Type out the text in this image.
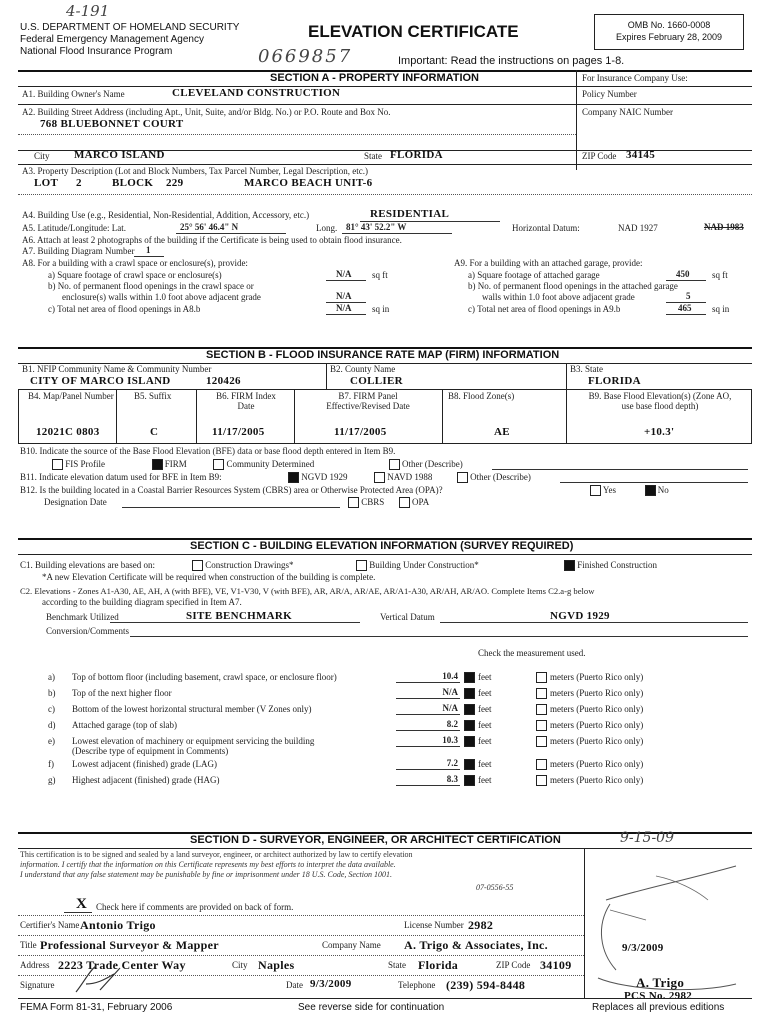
4-191
U.S. DEPARTMENT OF HOMELAND SECURITY
Federal Emergency Management Agency
National Flood Insurance Program
ELEVATION CERTIFICATE	OMB No. 1660-0008
Expires February 28, 2009
0669857	Important: Read the instructions on pages 1-8.
SECTION A - PROPERTY INFORMATION	For Insurance Company Use:
Policy Number
A1. Building Owner's Name	CLEVELAND CONSTRUCTION
A2. Building Street Address (including Apt., Unit, Suite, and/or Bldg. No.) or P.O. Route and Box No.	Company NAIC Number
768 BLUEBONNET COURT
City MARCO ISLAND	State FLORIDA	ZIP Code 34145
A3. Property Description (Lot and Block Numbers, Tax Parcel Number, Legal Description, etc.)
LOT 2	BLOCK 229	MARCO BEACH UNIT-6
A4. Building Use (e.g., Residential, Non-Residential, Addition, Accessory, etc.)	RESIDENTIAL
A5. Latitude/Longitude: Lat.	25° 56' 46.4" N	Long. 81° 43' 52.2" W	Horizontal Datum:	NAD 1927	NAD 1983
A6. Attach at least 2 photographs of the building if the Certificate is being used to obtain flood insurance.
A7. Building Diagram Number 1
A8. For a building with a crawl space or enclosure(s), provide:
a) Square footage of crawl space or enclosure(s)	N/A sq ft
b) No. of permanent flood openings in the crawl space or
enclosure(s) walls within 1.0 foot above adjacent grade	N/A
c) Total net area of flood openings in A8.b	N/A sq in
A9. For a building with an attached garage, provide:
a) Square footage of attached garage	450	sq ft
b) No. of permanent flood openings in the attached garage
walls within 1.0 foot above adjacent grade	5
c) Total net area of flood openings in A9.b	465 sq in
SECTION B - FLOOD INSURANCE RATE MAP (FIRM) INFORMATION
B1. NFIP Community Name & Community Number
CITY OF MARCO ISLAND	120426
B2. County Name
COLLIER
B3. State
FLORIDA
B4. Map/Panel Number
12021C 0803
B5. Suffix
C
B6. FIRM Index
Date
11/17/2005
B7. FIRM Panel
Effective/Revised Date
11/17/2005
B8. Flood Zone(s)
AE
B9. Base Flood Elevation(s) (Zone AO,
use base flood depth)
+10.3'
B10. Indicate the source of the Base Flood Elevation (BFE) data or base flood depth entered in Item B9.
FIS Profile	FIRM	Community Determined	Other (Describe)
B11. Indicate elevation datum used for BFE in Item B9:	NGVD 1929	NAVD 1988	Other (Describe)
B12. Is the building located in a Coastal Barrier Resources System (CBRS) area or Otherwise Protected Area (OPA)?	Yes	No
Designation Date	CBRS	OPA
SECTION C - BUILDING ELEVATION INFORMATION (SURVEY REQUIRED)
C1. Building elevations are based on:	Construction Drawings*	Building Under Construction*	Finished Construction
*A new Elevation Certificate will be required when construction of the building is complete.
C2. Elevations - Zones A1-A30, AE, AH, A (with BFE), VE, V1-V30, V (with BFE), AR, AR/A, AR/AE, AR/A1-A30, AR/AH, AR/AO. Complete Items C2.a-g below
according to the building diagram specified in Item A7.
Benchmark Utilized	SITE BENCHMARK	Vertical Datum	NGVD 1929
Conversion/Comments
Check the measurement used.
a) Top of bottom floor (including basement, crawl space, or enclosure floor)	10.4 feet	meters (Puerto Rico only)
b) Top of the next higher floor	N/A feet	meters (Puerto Rico only)
c) Bottom of the lowest horizontal structural member (V Zones only)	N/A feet	meters (Puerto Rico only)
d) Attached garage (top of slab)	8.2 feet	meters (Puerto Rico only)
e) Lowest elevation of machinery or equipment servicing the building
(Describe type of equipment in Comments)
10.3 feet	meters (Puerto Rico only)
f) Lowest adjacent (finished) grade (LAG)	7.2 feet	meters (Puerto Rico only)
g) Highest adjacent (finished) grade (HAG)	8.3 feet	meters (Puerto Rico only)
SECTION D - SURVEYOR, ENGINEER, OR ARCHITECT CERTIFICATION	9-15-09
This certification is to be signed and sealed by a land surveyor, engineer, or architect authorized by law to certify elevation
information. I certify that the information on this Certificate represents my best efforts to interpret the data available.
I understand that any false statement may be punishable by fine or imprisonment under 18 U.S. Code, Section 1001.
07-0556-55
X Check here if comments are provided on back of form.
Certifier's Name Antonio Trigo	License Number 2982
Title Professional Surveyor & Mapper	Company Name A. Trigo & Associates, Inc.
Address 2223 Trade Center Way	City Naples	State Florida	ZIP Code 34109
Signature	Date 9/3/2009	Telephone (239) 594-8448
9/3/2009
A. Trigo
PCS No. 2982
FEMA Form 81-31, February 2006	See reverse side for continuation	Replaces all previous editions
